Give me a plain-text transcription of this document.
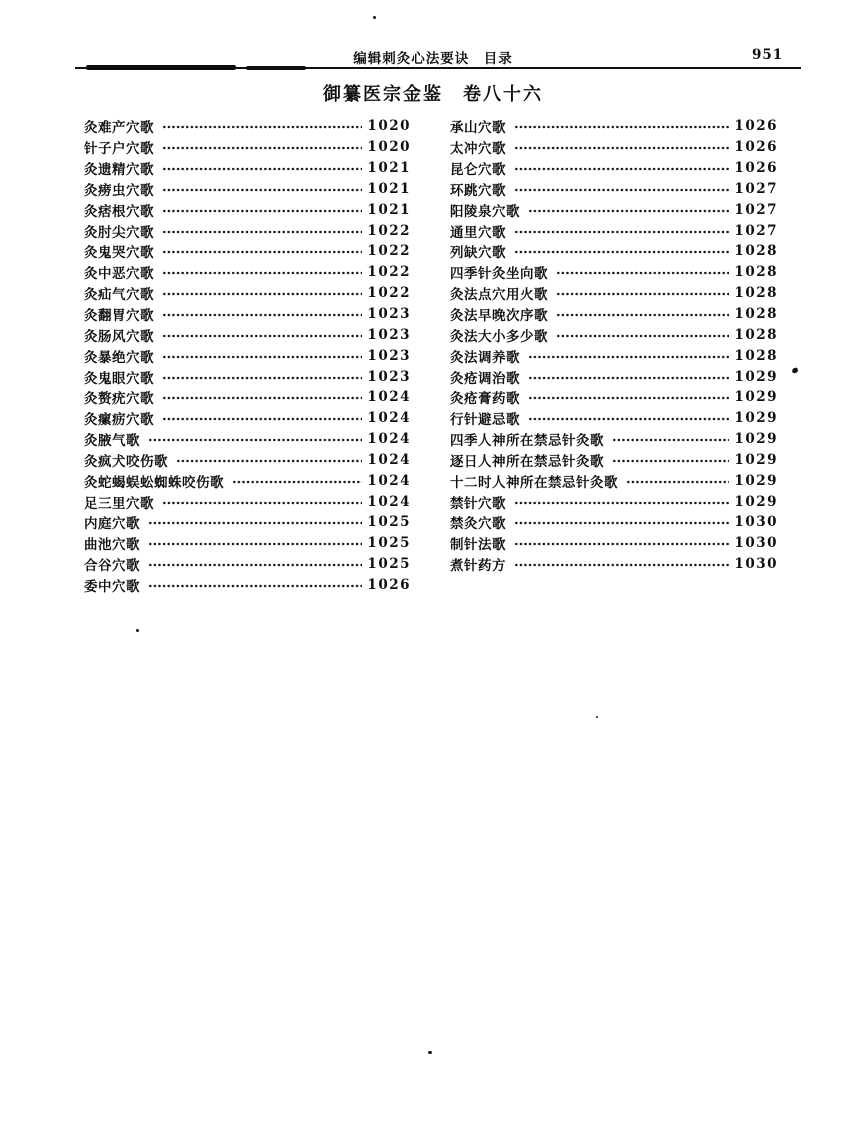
编辑刺灸心法要诀　目录	951
御纂医宗金鉴　卷八十六
灸难产穴歌	1020
针子户穴歌	1020
灸遗精穴歌	1021
灸痨虫穴歌	1021
灸痞根穴歌	1021
灸肘尖穴歌	1022
灸鬼哭穴歌	1022
灸中恶穴歌	1022
灸疝气穴歌	1022
灸翻胃穴歌	1023
灸肠风穴歌	1023
灸暴绝穴歌	1023
灸鬼眼穴歌	1023
灸赘疣穴歌	1024
灸瘰疬穴歌	1024
灸腋气歌	1024
灸疯犬咬伤歌	1024
灸蛇蝎蜈蚣蜘蛛咬伤歌	1024
足三里穴歌	1024
内庭穴歌	1025
曲池穴歌	1025
合谷穴歌	1025
委中穴歌	1026
承山穴歌	1026
太冲穴歌	1026
昆仑穴歌	1026
环跳穴歌	1027
阳陵泉穴歌	1027
通里穴歌	1027
列缺穴歌	1028
四季针灸坐向歌	1028
灸法点穴用火歌	1028
灸法早晚次序歌	1028
灸法大小多少歌	1028
灸法调养歌	1028
灸疮调治歌	1029
灸疮膏药歌	1029
行针避忌歌	1029
四季人神所在禁忌针灸歌	1029
逐日人神所在禁忌针灸歌	1029
十二时人神所在禁忌针灸歌	1029
禁针穴歌	1029
禁灸穴歌	1030
制针法歌	1030
煮针药方	1030
